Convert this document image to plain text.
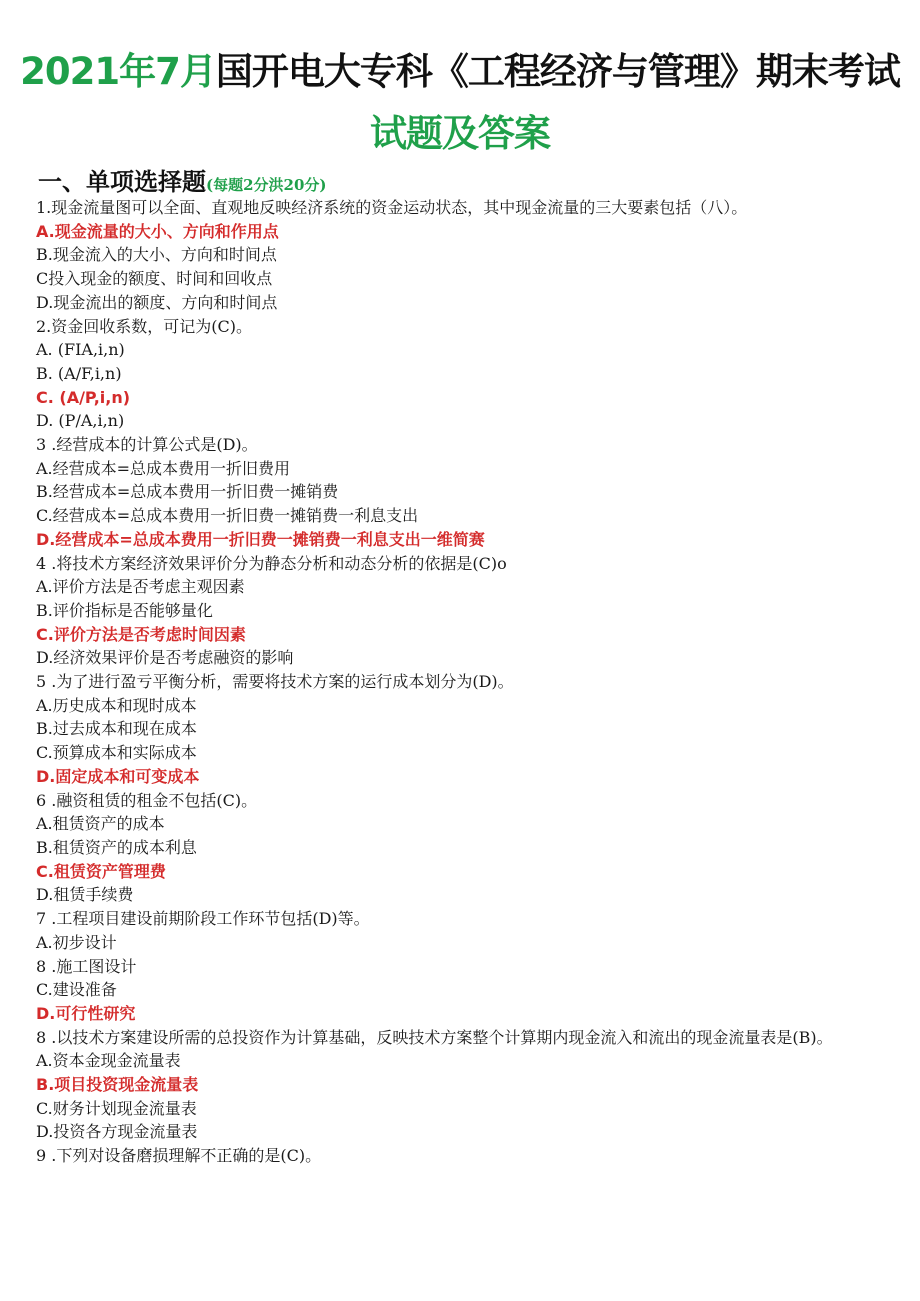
2021年7月国开电大专科《工程经济与管理》期末考试
试题及答案
一、单项选择题(每题2分洪20分)
1.现金流量图可以全面、直观地反映经济系统的资金运动状态，其中现金流量的三大要素包括（八）。
A.现金流量的大小、方向和作用点
B.现金流入的大小、方向和时间点
C投入现金的额度、时间和回收点
D.现金流出的额度、方向和时间点
2.资金回收系数，可记为(C)。
A. (FIA,i,n)
B. (A/F,i,n)
C. (A/P,i,n)
D. (P/A,i,n)
3 .经营成本的计算公式是(D)。
A.经营成本=总成本费用一折旧费用
B.经营成本=总成本费用一折旧费一摊销费
C.经营成本=总成本费用一折旧费一摊销费一利息支出
D.经营成本=总成本费用一折旧费一摊销费一利息支出一维简赛
4 .将技术方案经济效果评价分为静态分析和动态分析的依据是(C)o
A.评价方法是否考虑主观因素
B.评价指标是否能够量化
C.评价方法是否考虑时间因素
D.经济效果评价是否考虑融资的影响
5 .为了进行盈亏平衡分析，需要将技术方案的运行成本划分为(D)。
A.历史成本和现时成本
B.过去成本和现在成本
C.预算成本和实际成本
D.固定成本和可变成本
6 .融资租赁的租金不包括(C)。
A.租赁资产的成本
B.租赁资产的成本利息
C.租赁资产管理费
D.租赁手续费
7 .工程项目建设前期阶段工作环节包括(D)等。
A.初步设计
8 .施工图设计
C.建设准备
D.可行性研究
8 .以技术方案建设所需的总投资作为计算基础，反映技术方案整个计算期内现金流入和流出的现金流量表是(B)。
A.资本金现金流量表
B.项目投资现金流量表
C.财务计划现金流量表
D.投资各方现金流量表
9 .下列对设备磨损理解不正确的是(C)。
